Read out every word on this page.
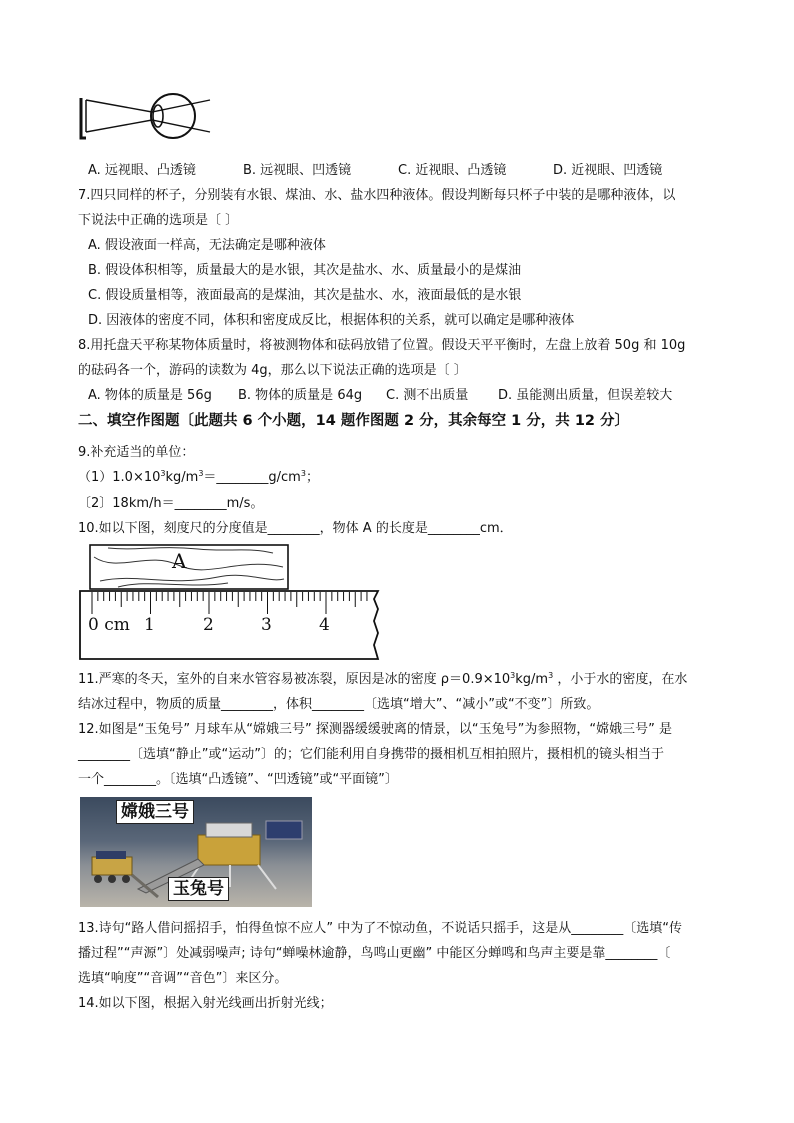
A. 远视眼、凸透镜	B. 远视眼、凹透镜	C. 近视眼、凸透镜	D. 近视眼、凹透镜
7.四只同样的杯子，分别装有水银、煤油、水、盐水四种液体。假设判断每只杯子中装的是哪种液体，以
下说法中正确的选项是〔 〕
A. 假设液面一样高，无法确定是哪种液体
B. 假设体积相等，质量最大的是水银，其次是盐水、水、质量最小的是煤油
C. 假设质量相等，液面最高的是煤油，其次是盐水、水，液面最低的是水银
D. 因液体的密度不同，体积和密度成反比，根据体积的关系，就可以确定是哪种液体
8.用托盘天平称某物体质量时，将被测物体和砝码放错了位置。假设天平平衡时，左盘上放着 50g 和 10g
的砝码各一个，游码的读数为 4g，那么以下说法正确的选项是〔 〕
A. 物体的质量是 56g B. 物体的质量是 64g C. 测不出质量 D. 虽能测出质量，但误差较大
二、填空作图题〔此题共 6 个小题，14 题作图题 2 分，其余每空 1 分，共 12 分〕
9.补充适当的单位：
$(1)1.0\times 10^3kg/m^3=\_\_\_\_\_\_\_\_g/cm^3$；
〔2〕18km/h＝________m/s。
10.如以下图，刻度尺的分度值是________，物体 A 的长度是________cm．
A
0 cm 1	2	3	4
11.严寒的冬天，室外的自来水管容易被冻裂，原因是冰的密度 $\rho=0.9\times 10^3kg/m^3$ ，小于水的密度，在水
结冰过程中，物质的质量________，体积________〔选填“增大”、“减小”或“不变”〕所致。
12.如图是“玉兔号” 月球车从“嫦娥三号” 探测器缓缓驶离的情景，以“玉兔号”为参照物，“嫦娥三号” 是
________〔选填“静止”或“运动”〕的；它们能利用自身携带的摄相机互相拍照片，摄相机的镜头相当于
一个________。〔选填“凸透镜”、“凹透镜”或“平面镜”〕
嫦娥三号
玉兔号
13.诗句“路人借问摇招手，怕得鱼惊不应人” 中为了不惊动鱼，不说话只摇手，这是从________〔选填“传
播过程”“声源”〕处减弱噪声; 诗句“蝉噪林逾静，鸟鸣山更幽” 中能区分蝉鸣和鸟声主要是靠________〔
选填“响度”“音调”“音色”〕来区分。
14.如以下图，根据入射光线画出折射光线；
